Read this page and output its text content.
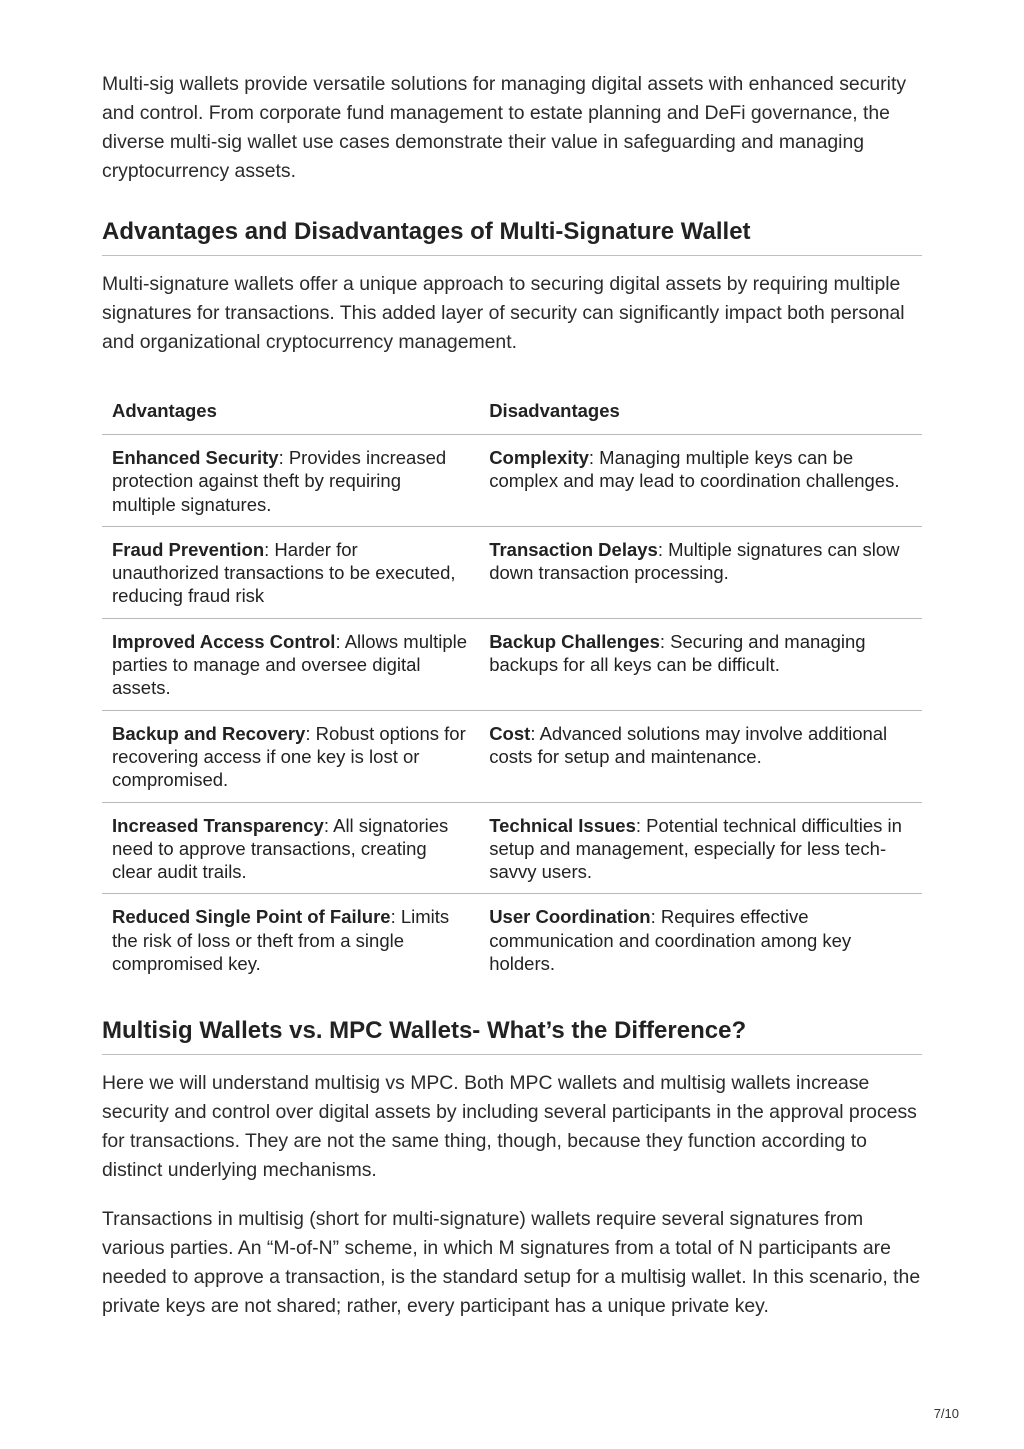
Multi-sig wallets provide versatile solutions for managing digital assets with enhanced security and control. From corporate fund management to estate planning and DeFi governance, the diverse multi-sig wallet use cases demonstrate their value in safeguarding and managing cryptocurrency assets.

Advantages and Disadvantages of Multi-Signature Wallet

Multi-signature wallets offer a unique approach to securing digital assets by requiring multiple signatures for transactions. This added layer of security can significantly impact both personal and organizational cryptocurrency management.

Advantages	Disadvantages
Enhanced Security: Provides increased protection against theft by requiring multiple signatures.	Complexity: Managing multiple keys can be complex and may lead to coordination challenges.
Fraud Prevention: Harder for unauthorized transactions to be executed, reducing fraud risk	Transaction Delays: Multiple signatures can slow down transaction processing.
Improved Access Control: Allows multiple parties to manage and oversee digital assets.	Backup Challenges: Securing and managing backups for all keys can be difficult.
Backup and Recovery: Robust options for recovering access if one key is lost or compromised.	Cost: Advanced solutions may involve additional costs for setup and maintenance.
Increased Transparency: All signatories need to approve transactions, creating clear audit trails.	Technical Issues: Potential technical difficulties in setup and management, especially for less tech-savvy users.
Reduced Single Point of Failure: Limits the risk of loss or theft from a single compromised key.	User Coordination: Requires effective communication and coordination among key holders.
Multisig Wallets vs. MPC Wallets- What’s the Difference?

Here we will understand multisig vs MPC. Both MPC wallets and multisig wallets increase security and control over digital assets by including several participants in the approval process for transactions. They are not the same thing, though, because they function according to distinct underlying mechanisms.

Transactions in multisig (short for multi-signature) wallets require several signatures from various parties. An “M-of-N” scheme, in which M signatures from a total of N participants are needed to approve a transaction, is the standard setup for a multisig wallet. In this scenario, the private keys are not shared; rather, every participant has a unique private key.

7/10
